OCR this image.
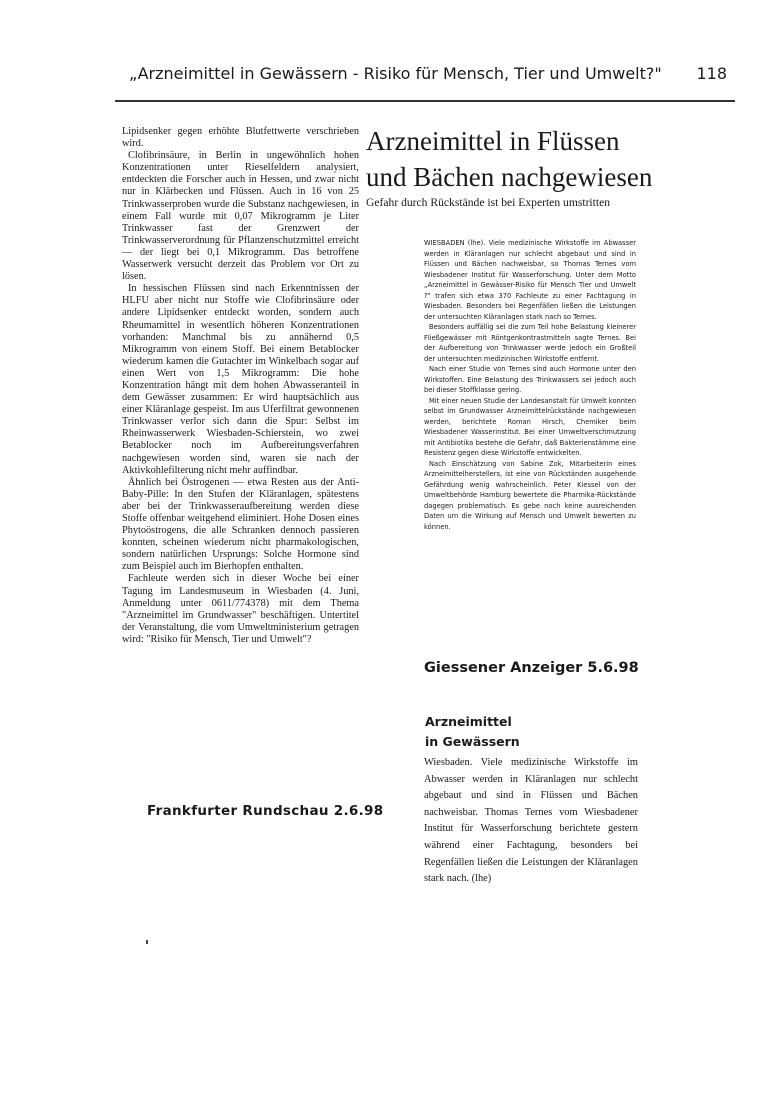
„Arzneimittel in Gewässern - Risiko für Mensch, Tier und Umwelt?" 118

Lipidsenker gegen erhöhte Blutfettwerte verschrieben wird.

Clofibrinsäure, in Berlin in ungewöhnlich hohen Konzentrationen unter Rieselfeldern analysiert, entdeckten die Forscher auch in Hessen, und zwar nicht nur in Klärbecken und Flüssen. Auch in 16 von 25 Trinkwasserproben wurde die Substanz nachgewiesen, in einem Fall wurde mit 0,07 Mikrogramm je Liter Trinkwasser fast der Grenzwert der Trinkwasserverordnung für Pflanzenschutzmittel erreicht — der liegt bei 0,1 Mikrogramm. Das betroffene Wasserwerk versucht derzeit das Problem vor Ort zu lösen.

In hessischen Flüssen sind nach Erkenntnissen der HLFU aber nicht nur Stoffe wie Clofibrinsäure oder andere Lipidsenker entdeckt worden, sondern auch Rheumamittel in wesentlich höheren Konzentrationen vorhanden: Manchmal bis zu annähernd 0,5 Mikrogramm von einem Stoff. Bei einem Betablocker wiederum kamen die Gutachter im Winkelbach sogar auf einen Wert von 1,5 Mikrogramm: Die hohe Konzentration hängt mit dem hohen Abwasseranteil in dem Gewässer zusammen: Er wird hauptsächlich aus einer Kläranlage gespeist. Im aus Uferfiltrat gewonnenen Trinkwasser verlor sich dann die Spur: Selbst im Rheinwasserwerk Wiesbaden-Schierstein, wo zwei Betablocker noch im Aufbereitungsverfahren nachgewiesen worden sind, waren sie nach der Aktivkohlefilterung nicht mehr auffindbar.

Ähnlich bei Östrogenen — etwa Resten aus der Anti-Baby-Pille: In den Stufen der Kläranlagen, spätestens aber bei der Trinkwasseraufbereitung werden diese Stoffe offenbar weitgehend eliminiert. Hohe Dosen eines Phytoöstrogens, die alle Schranken dennoch passieren konnten, scheinen wiederum nicht pharmakologischen, sondern natürlichen Ursprungs: Solche Hormone sind zum Beispiel auch im Bierhopfen enthalten.

Fachleute werden sich in dieser Woche bei einer Tagung im Landesmuseum in Wiesbaden (4. Juni, Anmeldung unter 0611/774378) mit dem Thema "Arzneimittel im Grundwasser" beschäftigen. Untertitel der Veranstaltung, die vom Umweltministerium getragen wird: "Risiko für Mensch, Tier und Umwelt"?

Frankfurter Rundschau 2.6.98
Arzneimittel in Flüssen
und Bächen nachgewiesen
Gefahr durch Rückstände ist bei Experten umstritten

WIESBADEN (lhe). Viele medizinische Wirkstoffe im Abwasser werden in Kläranlagen nur schlecht abgebaut und sind in Flüssen und Bächen nachweisbar, so Thomas Ternes vom Wiesbadener Institut für Wasserforschung. Unter dem Motto „Arzneimittel in Gewässer-Risiko für Mensch Tier und Umwelt ?" trafen sich etwa 370 Fachleute zu einer Fachtagung in Wiesbaden. Besonders bei Regenfällen ließen die Leistungen der untersuchten Kläranlagen stark nach so Ternes.

Besonders auffällig sei die zum Teil hohe Belastung kleinerer Fließgewässer mit Röntgenkontrastmitteln sagte Ternes. Bei der Aufbereitung von Trinkwasser werde jedoch ein Großteil der untersuchten medizinischen Wirkstoffe entfernt.

Nach einer Studie von Ternes sind auch Hormone unter den Wirkstoffen. Eine Belastung des Trinkwassers sei jedoch auch bei dieser Stoffklasse gering.

Mit einer neuen Studie der Landesanstalt für Umwelt konnten selbst im Grundwasser Arzneimittelrückstände nachgewiesen werden, berichtete Roman Hirsch, Chemiker beim Wiesbadener Wasserinstitut. Bei einer Umweltverschmutzung mit Antibiotika bestehe die Gefahr, daß Bakterienstämme eine Resistenz gegen diese Wirkstoffe entwickelten.

Nach Einschätzung von Sabine Zok, Mitarbeiterin eines Arzneimittelherstellers, ist eine von Rückständen ausgehende Gefährdung wenig wahrscheinlich. Peter Kiessel von der Umweltbehörde Hamburg bewertete die Pharmika-Rückstände dagegen problematisch. Es gebe noch keine ausreichenden Daten um die Wirkung auf Mensch und Umwelt bewerten zu können.

Giessener Anzeiger 5.6.98
Arzneimittel
in Gewässern
Wiesbaden. Viele medizinische Wirkstoffe im Abwasser werden in Kläranlagen nur schlecht abgebaut und sind in Flüssen und Bächen nachweisbar. Thomas Ternes vom Wiesbadener Institut für Wasserforschung berichtete gestern während einer Fachtagung, besonders bei Regenfällen ließen die Leistungen der Kläranlagen stark nach. (lhe)
